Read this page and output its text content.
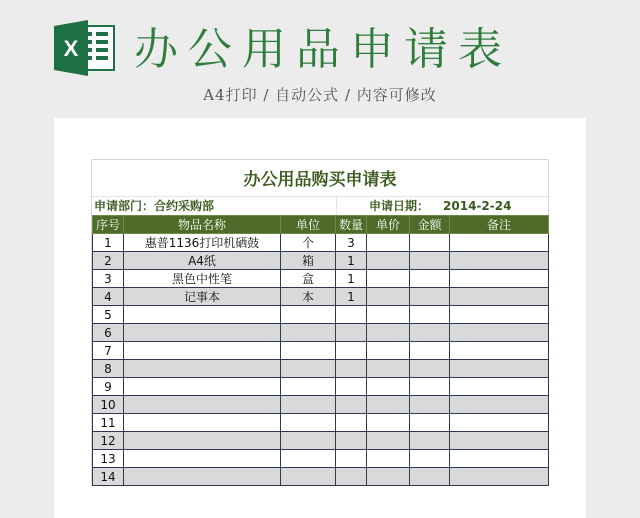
X 办公用品申请表
A4打印 / 自动公式 / 内容可修改
办公用品购买申请表
申请部门：合约采购部	申请日期： 2014-2-24
序号	物品名称	单位	数量	单价	金额	备注
1	惠普1136打印机硒鼓	个	3			
2	A4纸	箱	1			
3	黑色中性笔	盒	1			
4	记事本	本	1			
5						
6						
7						
8						
9						
10						
11						
12						
13						
14						
